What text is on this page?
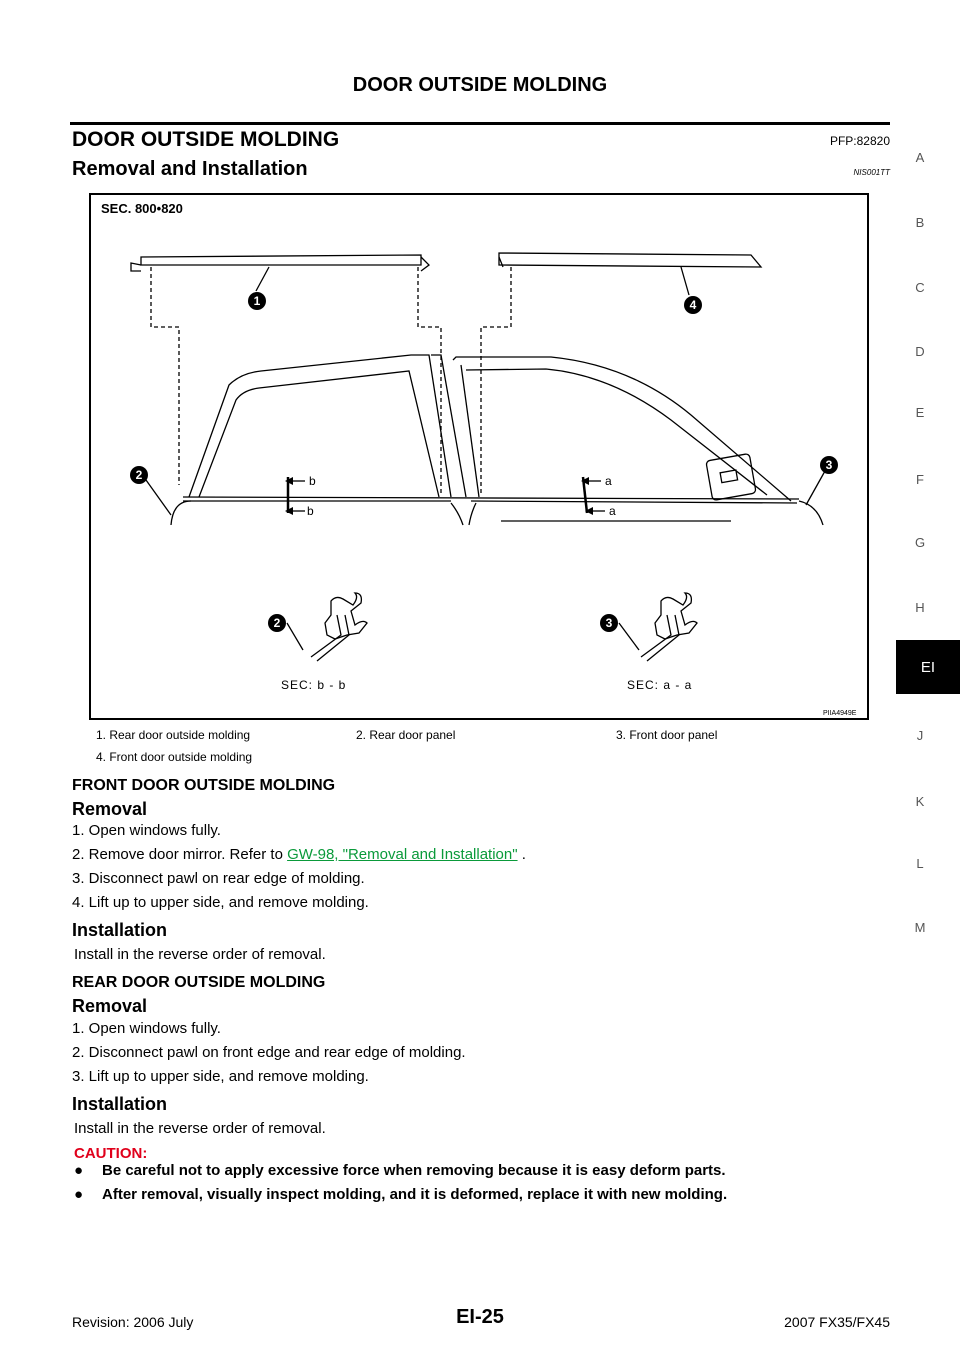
DOOR OUTSIDE MOLDING
DOOR OUTSIDE MOLDING	PFP:82820
Removal and Installation	NIS001TT
A
B
C
D
E
F
G
H
EI
J
K
L
M
1
2
3
4
2	3
SEC. 800•820
b
b
a
a
SEC: b - b	SEC: a - a
PIIA4949E
1. Rear door outside molding	2. Rear door panel	3. Front door panel
4. Front door outside molding
FRONT DOOR OUTSIDE MOLDING
Removal
1. Open windows fully.
2. Remove door mirror. Refer to GW-98, "Removal and Installation" .
3. Disconnect pawl on rear edge of molding.
4. Lift up to upper side, and remove molding.
Installation
Install in the reverse order of removal.
REAR DOOR OUTSIDE MOLDING
Removal
1. Open windows fully.
2. Disconnect pawl on front edge and rear edge of molding.
3. Lift up to upper side, and remove molding.
Installation
Install in the reverse order of removal.
CAUTION:
● Be careful not to apply excessive force when removing because it is easy deform parts.
● After removal, visually inspect molding, and it is deformed, replace it with new molding.
Revision: 2006 July	EI-25	2007 FX35/FX45
